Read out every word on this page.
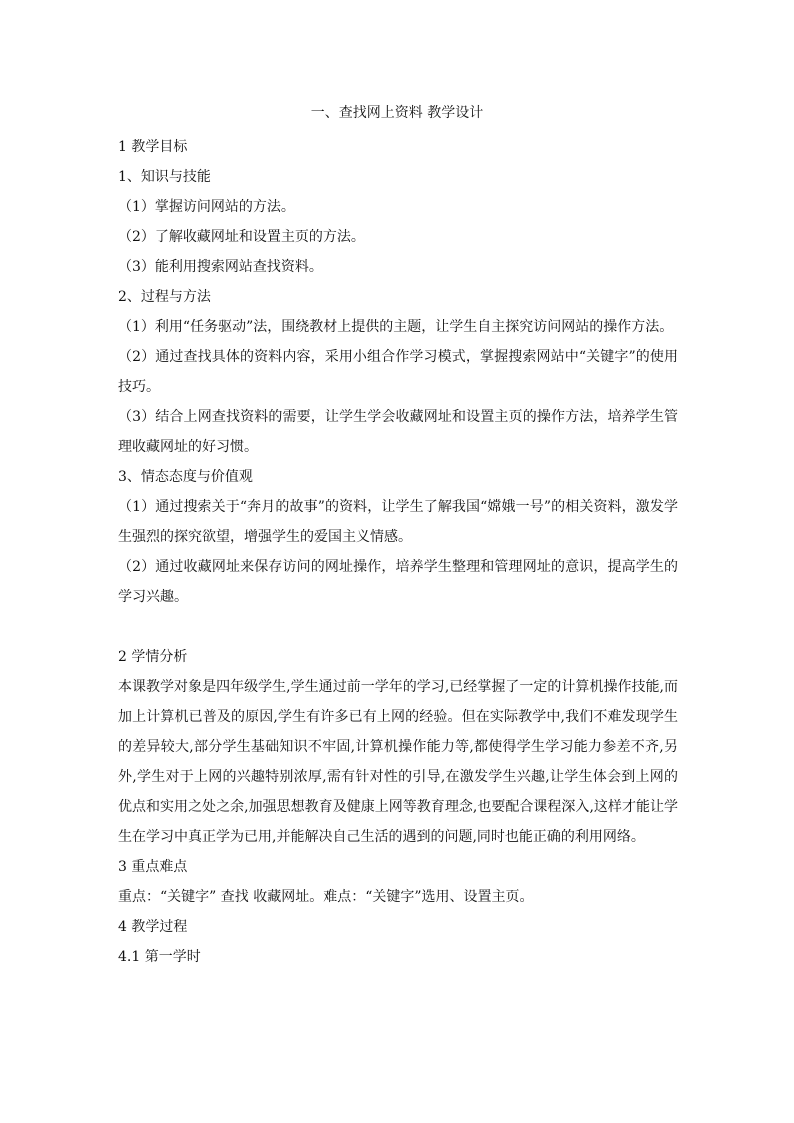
一、查找网上资料 教学设计
1 教学目标
1、知识与技能
（1）掌握访问网站的方法。
（2）了解收藏网址和设置主页的方法。
（3）能利用搜索网站查找资料。
2、过程与方法

（1）利用“任务驱动”法，围绕教材上提供的主题，让学生自主探究访问网站的操作方法。

（2）通过查找具体的资料内容，采用小组合作学习模式，掌握搜索网站中“关键字”的使用技巧。

（3）结合上网查找资料的需要，让学生学会收藏网址和设置主页的操作方法，培养学生管理收藏网址的好习惯。

3、情态态度与价值观

（1）通过搜索关于“奔月的故事”的资料，让学生了解我国“嫦娥一号”的相关资料，激发学生强烈的探究欲望，增强学生的爱国主义情感。

（2）通过收藏网址来保存访问的网址操作，培养学生整理和管理网址的意识，提高学生的学习兴趣。

2 学情分析

本课教学对象是四年级学生,学生通过前一学年的学习,已经掌握了一定的计算机操作技能,而加上计算机已普及的原因,学生有许多已有上网的经验。但在实际教学中,我们不难发现学生的差异较大,部分学生基础知识不牢固,计算机操作能力等,都使得学生学习能力参差不齐,另外,学生对于上网的兴趣特别浓厚,需有针对性的引导,在激发学生兴趣,让学生体会到上网的优点和实用之处之余,加强思想教育及健康上网等教育理念,也要配合课程深入,这样才能让学生在学习中真正学为已用,并能解决自己生活的遇到的问题,同时也能正确的利用网络。

3 重点难点
重点：“关键字” 查找 收藏网址。难点：“关键字”选用、设置主页。
4 教学过程
4.1 第一学时
